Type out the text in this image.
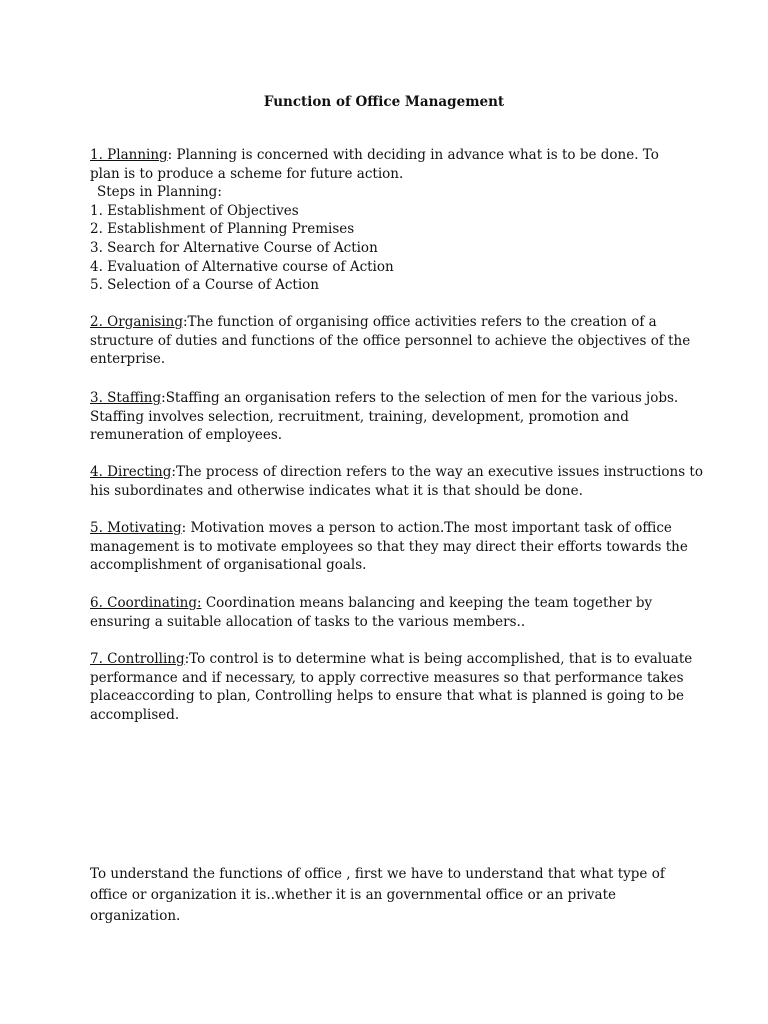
Function of Office Management
1. Planning: Planning is concerned with deciding in advance what is to be done. To
plan is to produce a scheme for future action.
Steps in Planning:
1. Establishment of Objectives
2. Establishment of Planning Premises
3. Search for Alternative Course of Action
4. Evaluation of Alternative course of Action
5. Selection of a Course of Action
2. Organising:The function of organising office activities refers to the creation of a
structure of duties and functions of the office personnel to achieve the objectives of the
enterprise.
3. Staffing:Staffing an organisation refers to the selection of men for the various jobs.
Staffing involves selection, recruitment, training, development, promotion and
remuneration of employees.
4. Directing:The process of direction refers to the way an executive issues instructions to
his subordinates and otherwise indicates what it is that should be done.
5. Motivating: Motivation moves a person to action.The most important task of office
management is to motivate employees so that they may direct their efforts towards the
accomplishment of organisational goals.
6. Coordinating: Coordination means balancing and keeping the team together by
ensuring a suitable allocation of tasks to the various members..
7. Controlling:To control is to determine what is being accomplished, that is to evaluate
performance and if necessary, to apply corrective measures so that performance takes
placeaccording to plan, Controlling helps to ensure that what is planned is going to be
accomplised.
To understand the functions of office , first we have to understand that what type of
office or organization it is..whether it is an governmental office or an private
organization.
